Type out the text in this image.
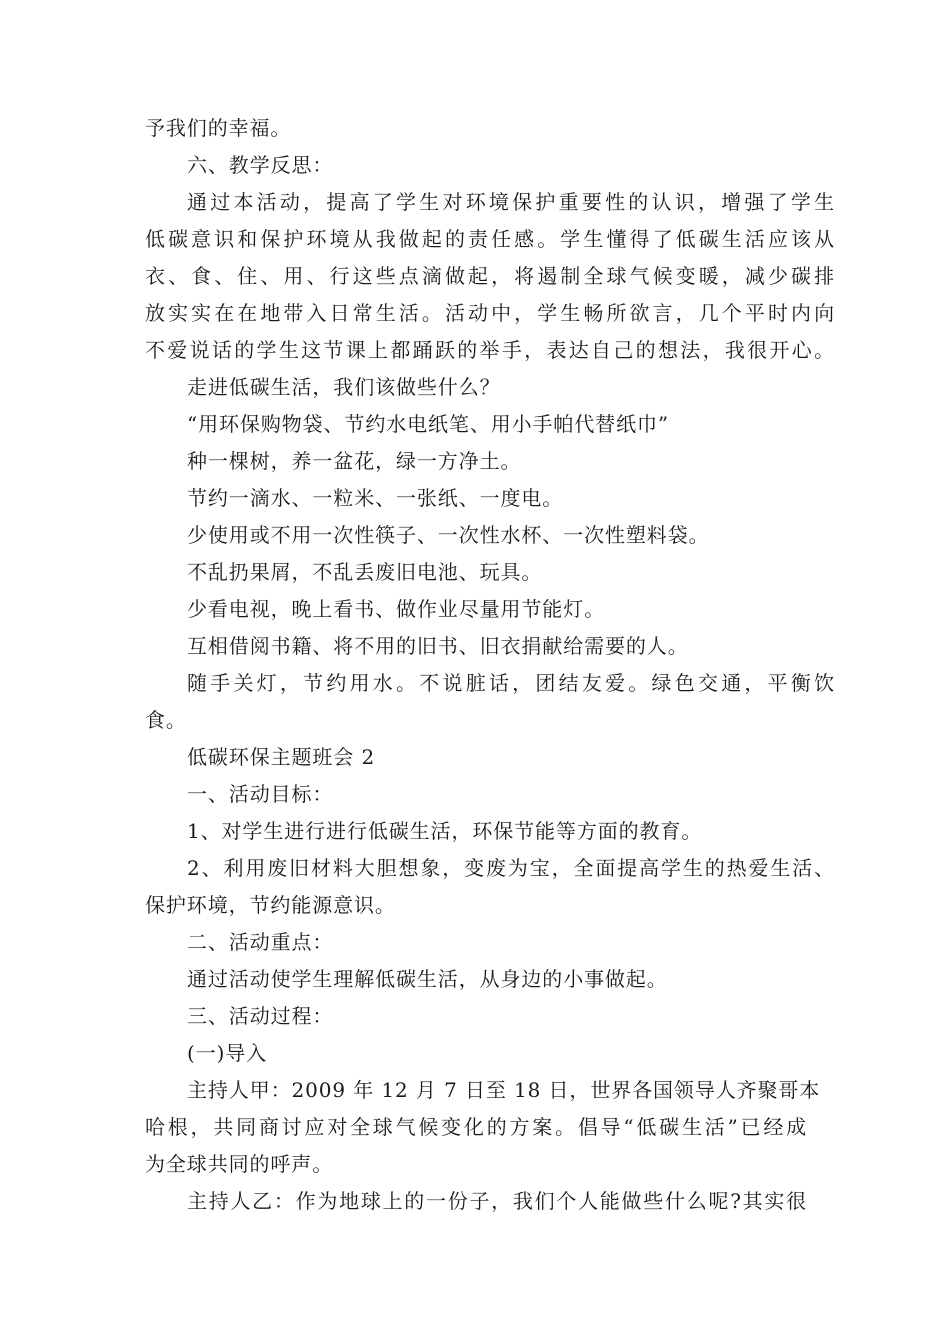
予我们的幸福。
六、教学反思：
通过本活动，提高了学生对环境保护重要性的认识，增强了学生
低碳意识和保护环境从我做起的责任感。学生懂得了低碳生活应该从
衣、食、住、用、行这些点滴做起，将遏制全球气候变暖，减少碳排
放实实在在地带入日常生活。活动中，学生畅所欲言，几个平时内向
不爱说话的学生这节课上都踊跃的举手，表达自己的想法，我很开心。
走进低碳生活，我们该做些什么？
“用环保购物袋、节约水电纸笔、用小手帕代替纸巾”
种一棵树，养一盆花，绿一方净土。
节约一滴水、一粒米、一张纸、一度电。
少使用或不用一次性筷子、一次性水杯、一次性塑料袋。
不乱扔果屑，不乱丢废旧电池、玩具。
少看电视，晚上看书、做作业尽量用节能灯。
互相借阅书籍、将不用的旧书、旧衣捐献给需要的人。
随手关灯，节约用水。不说脏话，团结友爱。绿色交通，平衡饮
食。
低碳环保主题班会 2
一、活动目标：
1、对学生进行进行低碳生活，环保节能等方面的教育。
2、利用废旧材料大胆想象，变废为宝，全面提高学生的热爱生活、
保护环境，节约能源意识。
二、活动重点：
通过活动使学生理解低碳生活，从身边的小事做起。
三、活动过程：
(一)导入
主持人甲：2009 年 12 月 7 日至 18 日，世界各国领导人齐聚哥本
哈根，共同商讨应对全球气候变化的方案。倡导“低碳生活”已经成
为全球共同的呼声。
主持人乙：作为地球上的一份子，我们个人能做些什么呢?其实很
